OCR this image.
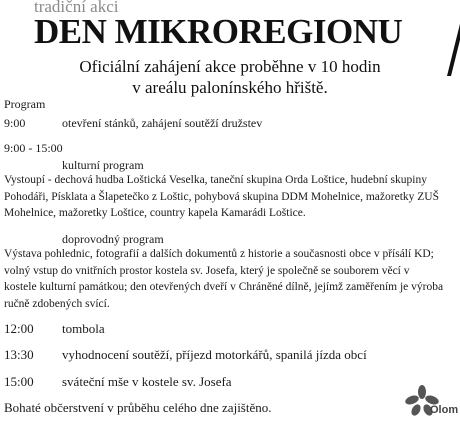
tradiční akci
DEN MIKROREGIONU
Oficiální zahájení akce proběhne v 10 hodin
v areálu palonínského hřiště.
Program
9:00	otevření stánků, zahájení soutěží družstev
9:00 - 15:00
kulturní program
Vystoupí - dechová hudba Loštická Veselka, taneční skupina Orda Loštice, hudební skupiny Pohodáři, Písklata a Šlapetečko z Loštic, pohybová skupina DDM Mohelnice, mažoretky ZUŠ Mohelnice, mažoretky Loštice, country kapela Kamarádi Loštice.
doprovodný program
Výstava pohlednic, fotografií a dalších dokumentů z historie a současnosti obce v přísálí KD; volný vstup do vnitřních prostor kostela sv. Josefa, který je společně se souborem věcí v kostele kulturní památkou; den otevřených dveří v Chráněné dílně, jejímž zaměřením je výroba ručně zdobených svící.
12:00 tombola
13:30 vyhodnocení soutěží, příjezd motorkářů, spanilá jízda obcí
15:00 sváteční mše v kostele sv. Josefa
Bohaté občerstvení v průběhu celého dne zajištěno.	Olom
